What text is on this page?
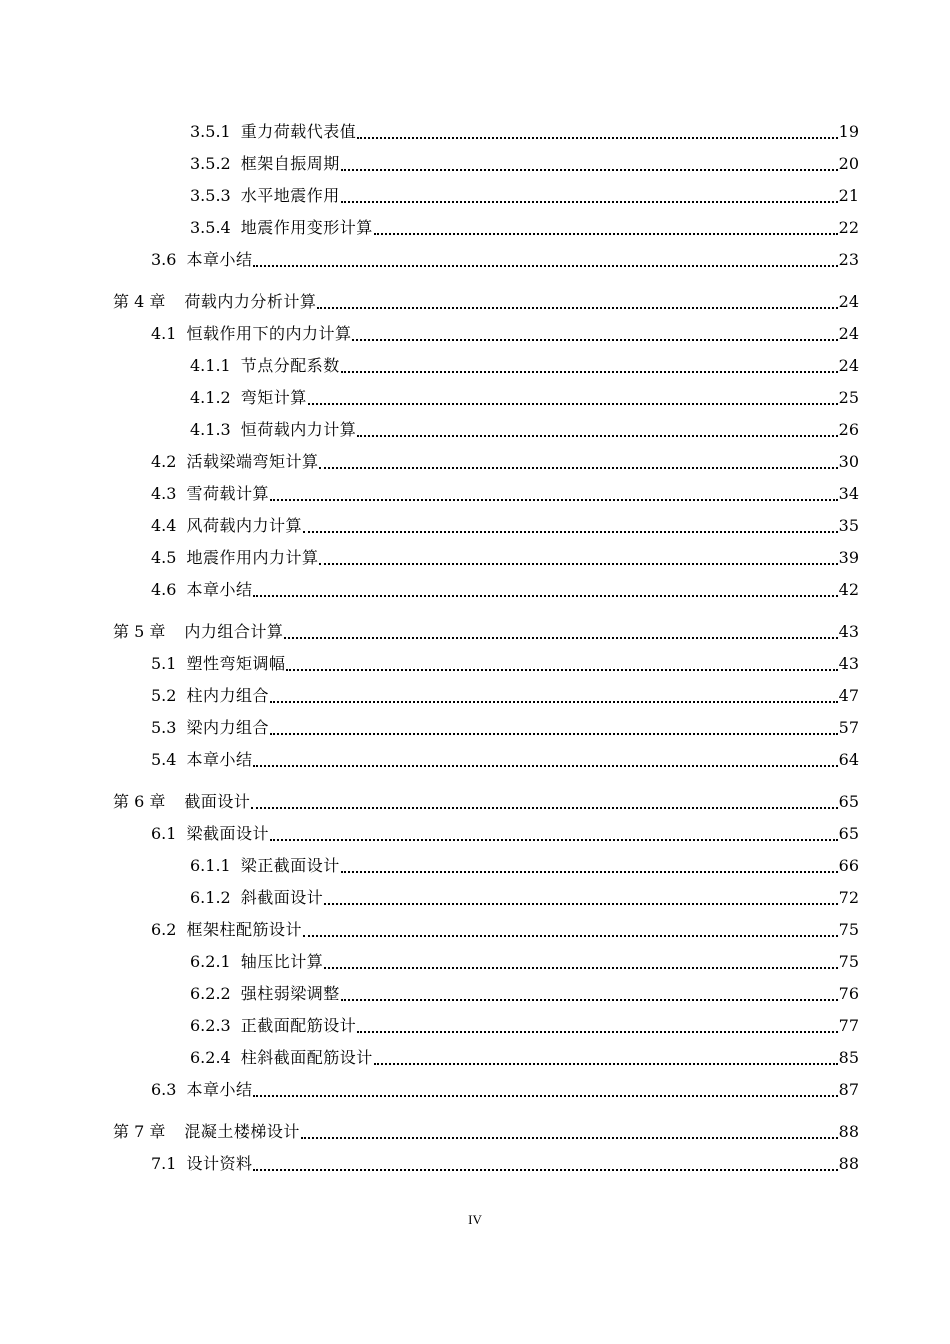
3.5.1 重力荷载代表值	19
3.5.2 框架自振周期	20
3.5.3 水平地震作用	21
3.5.4 地震作用变形计算	22
3.6 本章小结	23
第 4 章 荷载内力分析计算	24
4.1 恒载作用下的内力计算	24
4.1.1 节点分配系数	24
4.1.2 弯矩计算	25
4.1.3 恒荷载内力计算	26
4.2 活载梁端弯矩计算	30
4.3 雪荷载计算	34
4.4 风荷载内力计算	35
4.5 地震作用内力计算	39
4.6 本章小结	42
第 5 章 内力组合计算	43
5.1 塑性弯矩调幅	43
5.2 柱内力组合	47
5.3 梁内力组合	57
5.4 本章小结	64
第 6 章 截面设计	65
6.1 梁截面设计	65
6.1.1 梁正截面设计	66
6.1.2 斜截面设计	72
6.2 框架柱配筋设计	75
6.2.1 轴压比计算	75
6.2.2 强柱弱梁调整	76
6.2.3 正截面配筋设计	77
6.2.4 柱斜截面配筋设计	85
6.3 本章小结	87
第 7 章 混凝土楼梯设计	88
7.1 设计资料	88
IV
